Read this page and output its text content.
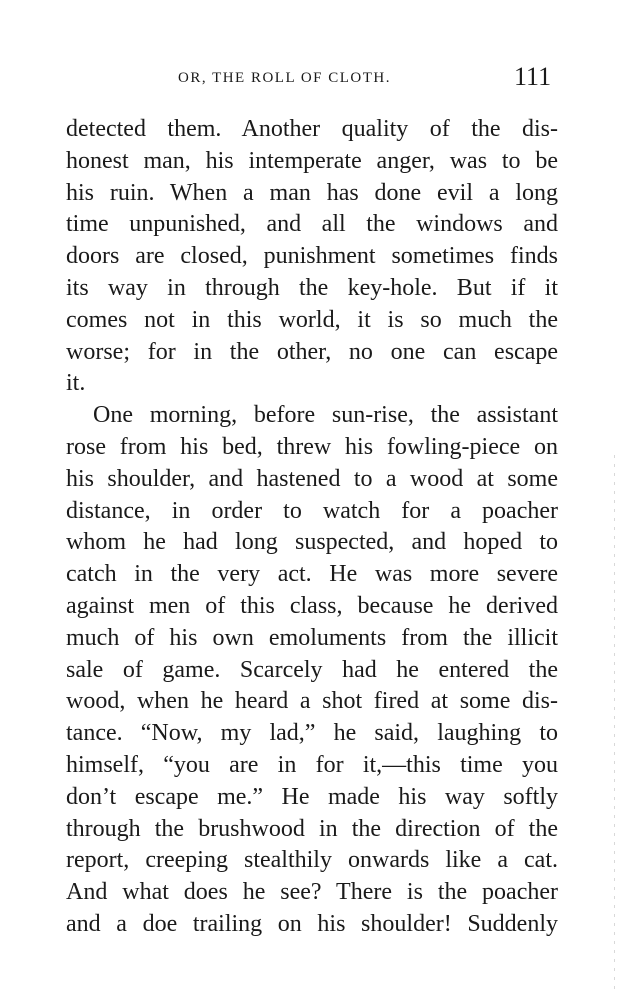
OR, THE ROLL OF CLOTH.	111
detected them. Another quality of the dis-
honest man, his intemperate anger, was to be
his ruin. When a man has done evil a long
time unpunished, and all the windows and
doors are closed, punishment sometimes finds
its way in through the key-hole. But if it
comes not in this world, it is so much the
worse; for in the other, no one can escape
it.
One morning, before sun-rise, the assistant
rose from his bed, threw his fowling-piece on
his shoulder, and hastened to a wood at some
distance, in order to watch for a poacher
whom he had long suspected, and hoped to
catch in the very act. He was more severe
against men of this class, because he derived
much of his own emoluments from the illicit
sale of game. Scarcely had he entered the
wood, when he heard a shot fired at some dis-
tance. “Now, my lad,” he said, laughing to
himself, “you are in for it,—this time you
don’t escape me.” He made his way softly
through the brushwood in the direction of the
report, creeping stealthily onwards like a cat.
And what does he see? There is the poacher
and a doe trailing on his shoulder! Suddenly
